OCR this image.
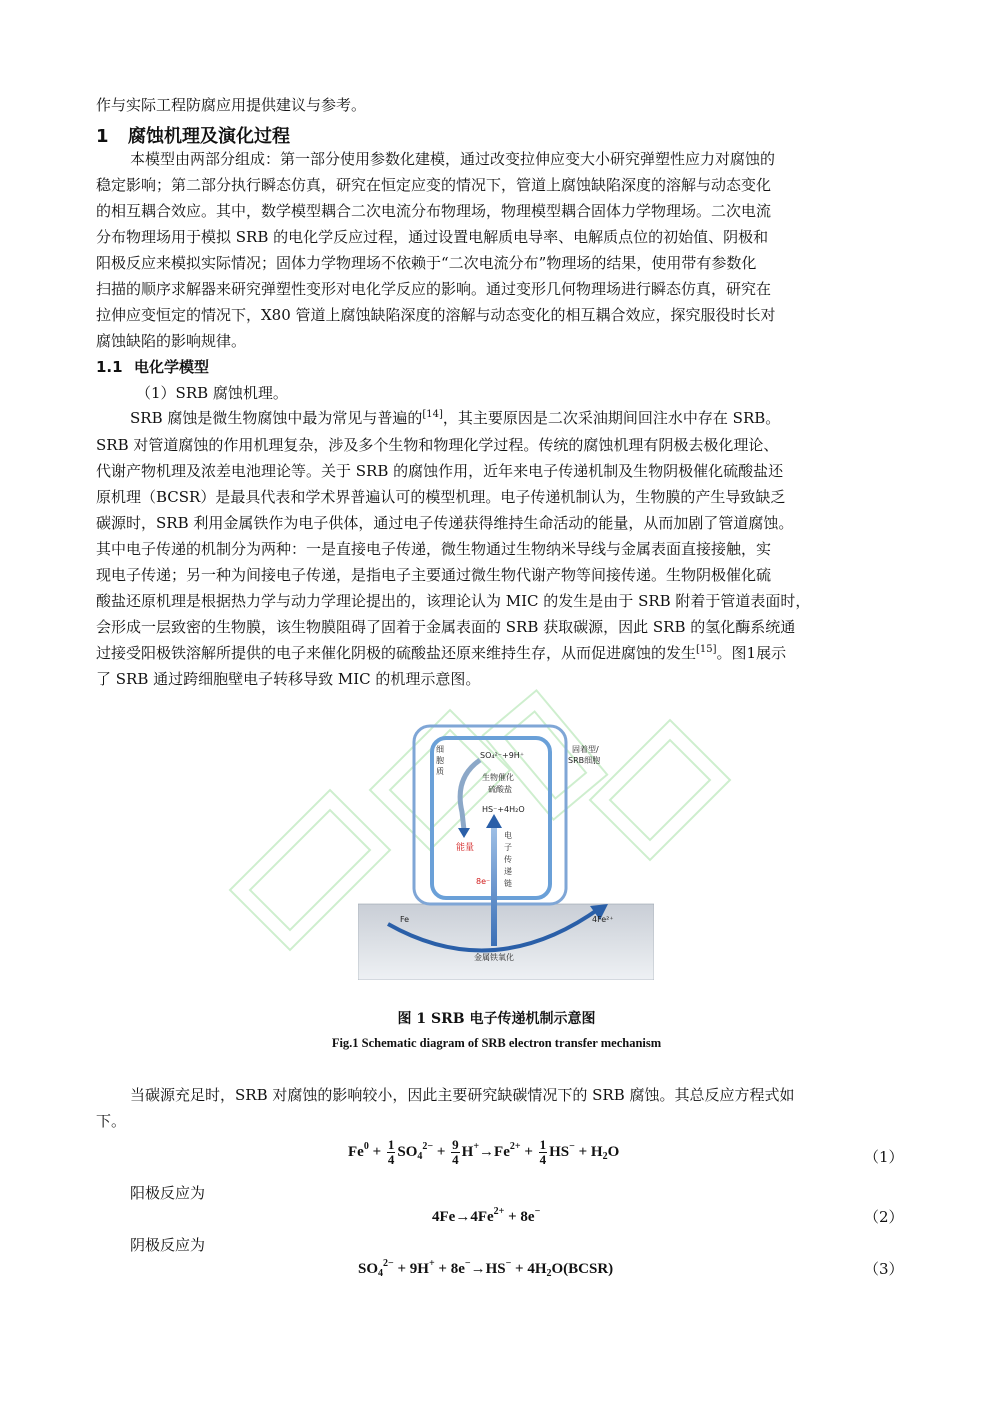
作与实际工程防腐应用提供建议与参考。
1 腐蚀机理及演化过程
本模型由两部分组成：第一部分使用参数化建模，通过改变拉伸应变大小研究弹塑性应力对腐蚀的
稳定影响；第二部分执行瞬态仿真，研究在恒定应变的情况下，管道上腐蚀缺陷深度的溶解与动态变化
的相互耦合效应。其中，数学模型耦合二次电流分布物理场，物理模型耦合固体力学物理场。二次电流
分布物理场用于模拟 SRB 的电化学反应过程，通过设置电解质电导率、电解质点位的初始值、阴极和
阳极反应来模拟实际情况；固体力学物理场不依赖于“二次电流分布”物理场的结果，使用带有参数化
扫描的顺序求解器来研究弹塑性变形对电化学反应的影响。通过变形几何物理场进行瞬态仿真，研究在
拉伸应变恒定的情况下，X80 管道上腐蚀缺陷深度的溶解与动态变化的相互耦合效应，探究服役时长对
腐蚀缺陷的影响规律。
1.1 电化学模型
（1）SRB 腐蚀机理。
SRB 腐蚀是微生物腐蚀中最为常见与普遍的[14]，其主要原因是二次采油期间回注水中存在 SRB。
SRB 对管道腐蚀的作用机理复杂，涉及多个生物和物理化学过程。传统的腐蚀机理有阴极去极化理论、
代谢产物机理及浓差电池理论等。关于 SRB 的腐蚀作用，近年来电子传递机制及生物阴极催化硫酸盐还
原机理（BCSR）是最具代表和学术界普遍认可的模型机理。电子传递机制认为，生物膜的产生导致缺乏
碳源时，SRB 利用金属铁作为电子供体，通过电子传递获得维持生命活动的能量，从而加剧了管道腐蚀。
其中电子传递的机制分为两种：一是直接电子传递，微生物通过生物纳米导线与金属表面直接接触，实
现电子传递；另一种为间接电子传递，是指电子主要通过微生物代谢产物等间接传递。生物阴极催化硫
酸盐还原机理是根据热力学与动力学理论提出的，该理论认为 MIC 的发生是由于 SRB 附着于管道表面时，
会形成一层致密的生物膜，该生物膜阻碍了固着于金属表面的 SRB 获取碳源，因此 SRB 的氢化酶系统通
过接受阳极铁溶解所提供的电子来催化阴极的硫酸盐还原来维持生存，从而促进腐蚀的发生[15]。图1展示
了 SRB 通过跨细胞壁电子转移导致 MIC 的机理示意图。
细
胞
质
固着型/
SRB细胞
SO₄²⁻+9H⁺
生物催化
硫酸盐
HS⁻+4H₂O
能量
8e⁻
电
子
传
递
链
Fe	4Fe²⁺
金属铁氧化
图 1 SRB 电子传递机制示意图
Fig.1 Schematic diagram of SRB electron transfer mechanism
当碳源充足时，SRB 对腐蚀的影响较小，因此主要研究缺碳情况下的 SRB 腐蚀。其总反应方程式如
下。
$Fe^0 + \frac{1}{4} SO_4^{2-} + \frac{9}{4} H^+\to Fe^{2+} + \frac{1}{4} HS^- + H_2O$	（1）
阳极反应为
$4Fe\to 4Fe^{2+} + 8e^-$	（2）
阴极反应为
$SO_4^{2-} + 9H^+ + 8e^-\to HS^-$ + $4H_2O(BCSR)$	（3）
